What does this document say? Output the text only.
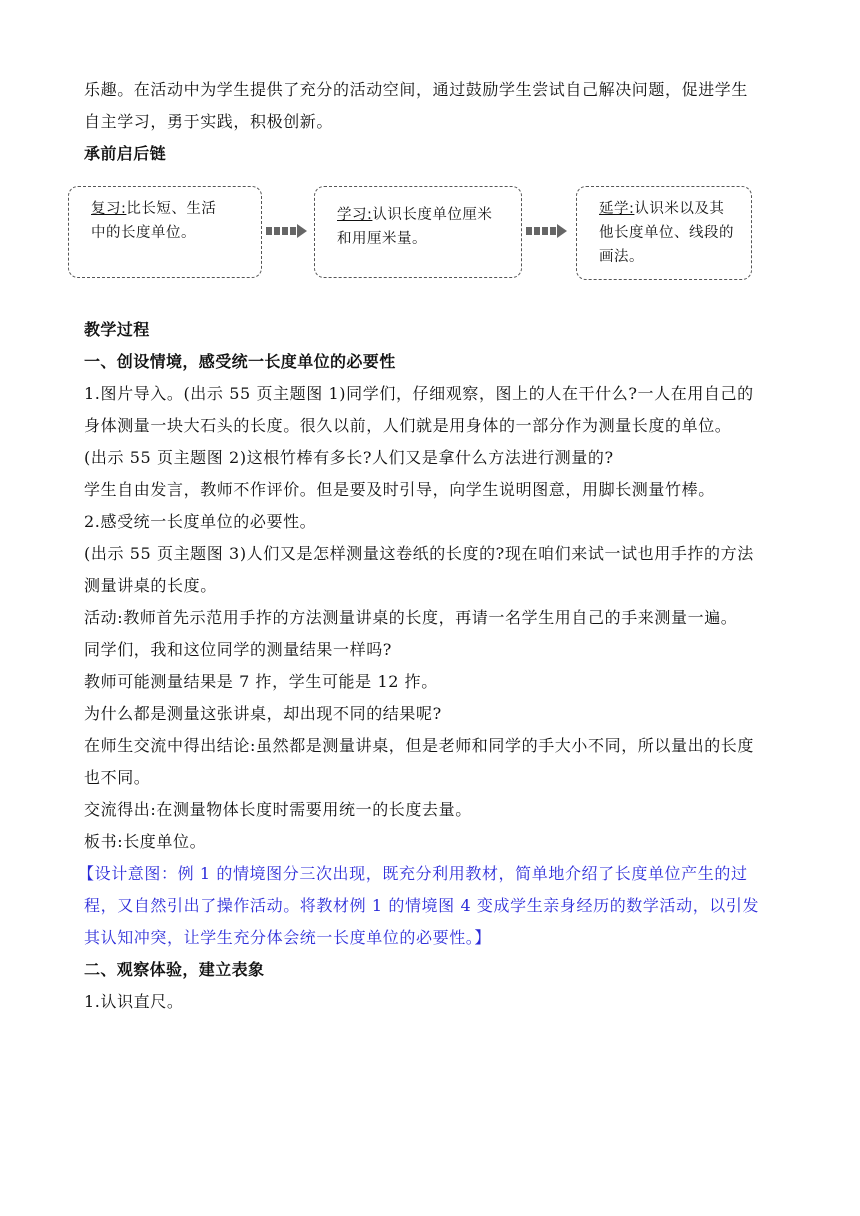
乐趣。在活动中为学生提供了充分的活动空间，通过鼓励学生尝试自己解决问题，促进学生
自主学习，勇于实践，积极创新。
承前启后链
复习:比长短、生活
中的长度单位。
学习:认识长度单位厘米
和用厘米量。
延学:认识米以及其
他长度单位、线段的
画法。
教学过程
一、创设情境，感受统一长度单位的必要性
1.图片导入。(出示 55 页主题图 1)同学们，仔细观察，图上的人在干什么?一人在用自己的
身体测量一块大石头的长度。很久以前，人们就是用身体的一部分作为测量长度的单位。
(出示 55 页主题图 2)这根竹棒有多长?人们又是拿什么方法进行测量的?
学生自由发言，教师不作评价。但是要及时引导，向学生说明图意，用脚长测量竹棒。
2.感受统一长度单位的必要性。
(出示 55 页主题图 3)人们又是怎样测量这卷纸的长度的?现在咱们来试一试也用手拃的方法
测量讲桌的长度。
活动:教师首先示范用手拃的方法测量讲桌的长度，再请一名学生用自己的手来测量一遍。
同学们，我和这位同学的测量结果一样吗?
教师可能测量结果是 7 拃，学生可能是 12 拃。
为什么都是测量这张讲桌，却出现不同的结果呢?
在师生交流中得出结论:虽然都是测量讲桌，但是老师和同学的手大小不同，所以量出的长度
也不同。
交流得出:在测量物体长度时需要用统一的长度去量。
板书:长度单位。
【设计意图：例 1 的情境图分三次出现，既充分利用教材，简单地介绍了长度单位产生的过
程，又自然引出了操作活动。将教材例 1 的情境图 4 变成学生亲身经历的数学活动，以引发
其认知冲突，让学生充分体会统一长度单位的必要性。】
二、观察体验，建立表象
1.认识直尺。
